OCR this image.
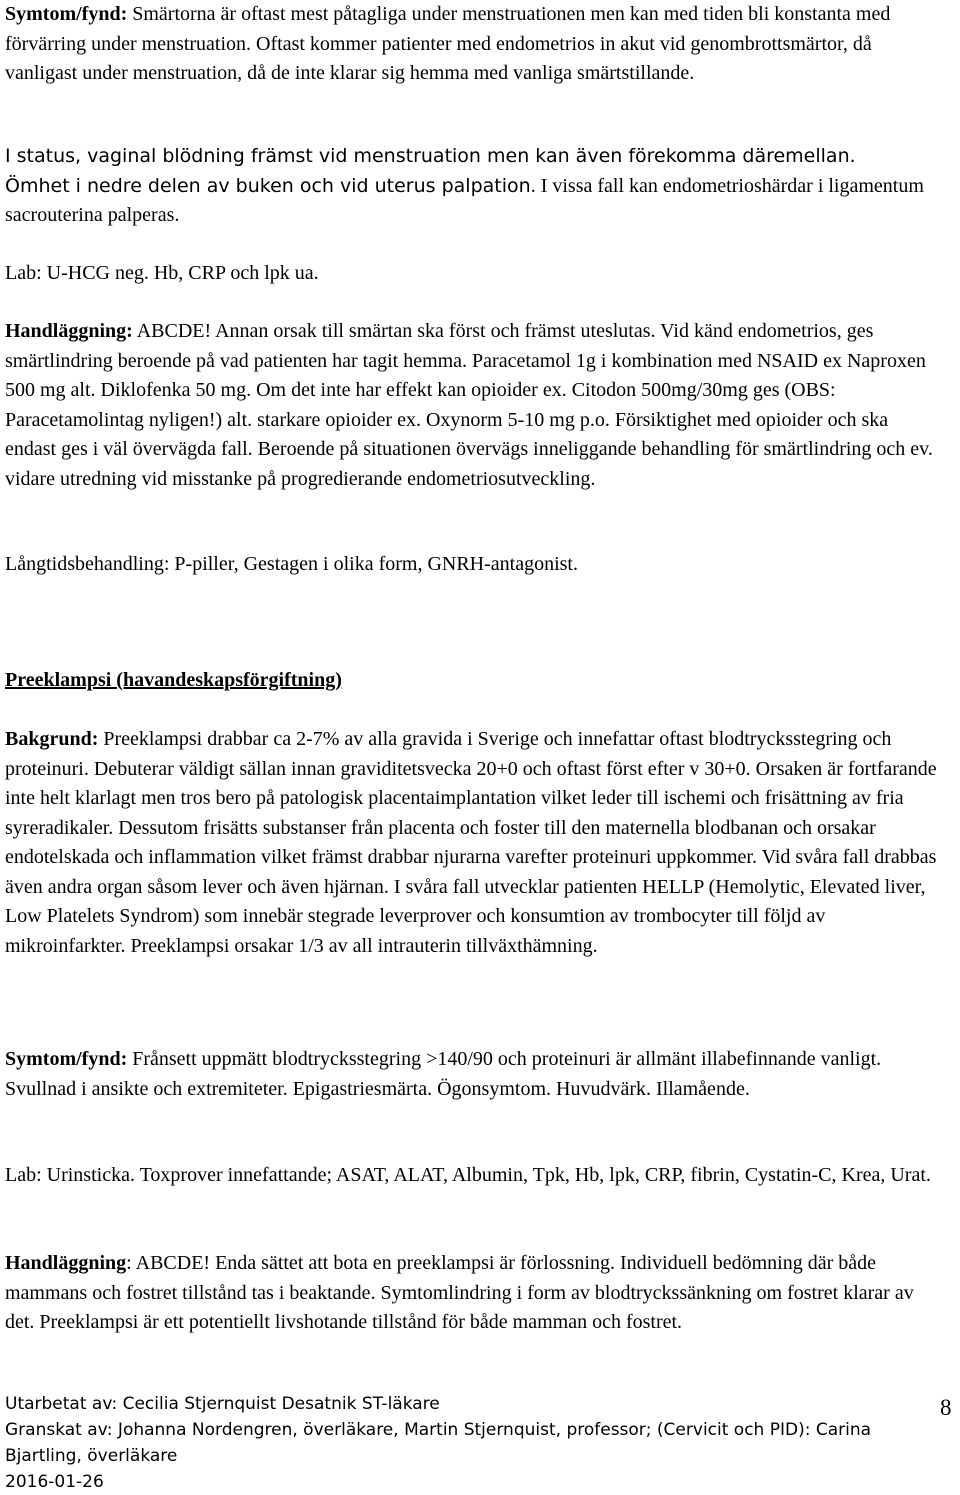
Symtom/fynd: Smärtorna är oftast mest påtagliga under menstruationen men kan med tiden bli konstanta med förvärring under menstruation. Oftast kommer patienter med endometrios in akut vid genombrottsmärtor, då vanligast under menstruation, då de inte klarar sig hemma med vanliga smärtstillande.

I status, vaginal blödning främst vid menstruation men kan även förekomma däremellan.
Ömhet i nedre delen av buken och vid uterus palpation. I vissa fall kan endometrioshärdar i ligamentum sacrouterina palperas.

Lab: U-HCG neg. Hb, CRP och lpk ua.

Handläggning: ABCDE! Annan orsak till smärtan ska först och främst uteslutas. Vid känd endometrios, ges smärtlindring beroende på vad patienten har tagit hemma. Paracetamol 1g i kombination med NSAID ex Naproxen 500 mg alt. Diklofenka 50 mg. Om det inte har effekt kan opioider ex. Citodon 500mg/30mg ges (OBS: Paracetamolintag nyligen!) alt. starkare opioider ex. Oxynorm 5-10 mg p.o. Försiktighet med opioider och ska endast ges i väl övervägda fall. Beroende på situationen övervägs inneliggande behandling för smärtlindring och ev. vidare utredning vid misstanke på progredierande endometriosutveckling.

Långtidsbehandling: P-piller, Gestagen i olika form, GNRH-antagonist.

Preeklampsi (havandeskapsförgiftning)

Bakgrund: Preeklampsi drabbar ca 2-7% av alla gravida i Sverige och innefattar oftast blodtrycksstegring och proteinuri. Debuterar väldigt sällan innan graviditetsvecka 20+0 och oftast först efter v 30+0. Orsaken är fortfarande inte helt klarlagt men tros bero på patologisk placentaimplantation vilket leder till ischemi och frisättning av fria syreradikaler. Dessutom frisätts substanser från placenta och foster till den maternella blodbanan och orsakar endotelskada och inflammation vilket främst drabbar njurarna varefter proteinuri uppkommer. Vid svåra fall drabbas även andra organ såsom lever och även hjärnan. I svåra fall utvecklar patienten HELLP (Hemolytic, Elevated liver, Low Platelets Syndrom) som innebär stegrade leverprover och konsumtion av trombocyter till följd av mikroinfarkter. Preeklampsi orsakar 1/3 av all intrauterin tillväxthämning.

Symtom/fynd: Frånsett uppmätt blodtrycksstegring >140/90 och proteinuri är allmänt illabefinnande vanligt. Svullnad i ansikte och extremiteter. Epigastriesmärta. Ögonsymtom. Huvudvärk. Illamående.

Lab: Urinsticka. Toxprover innefattande; ASAT, ALAT, Albumin, Tpk, Hb, lpk, CRP, fibrin, Cystatin-C, Krea, Urat.

Handläggning: ABCDE! Enda sättet att bota en preeklampsi är förlossning. Individuell bedömning där både mammans och fostret tillstånd tas i beaktande. Symtomlindring i form av blodtryckssänkning om fostret klarar av det. Preeklampsi är ett potentiellt livshotande tillstånd för både mamman och fostret.

Utarbetat av: Cecilia Stjernquist Desatnik ST-läkare
Granskat av: Johanna Nordengren, överläkare, Martin Stjernquist, professor; (Cervicit och PID): Carina
Bjartling, överläkare
2016-01-26
8
